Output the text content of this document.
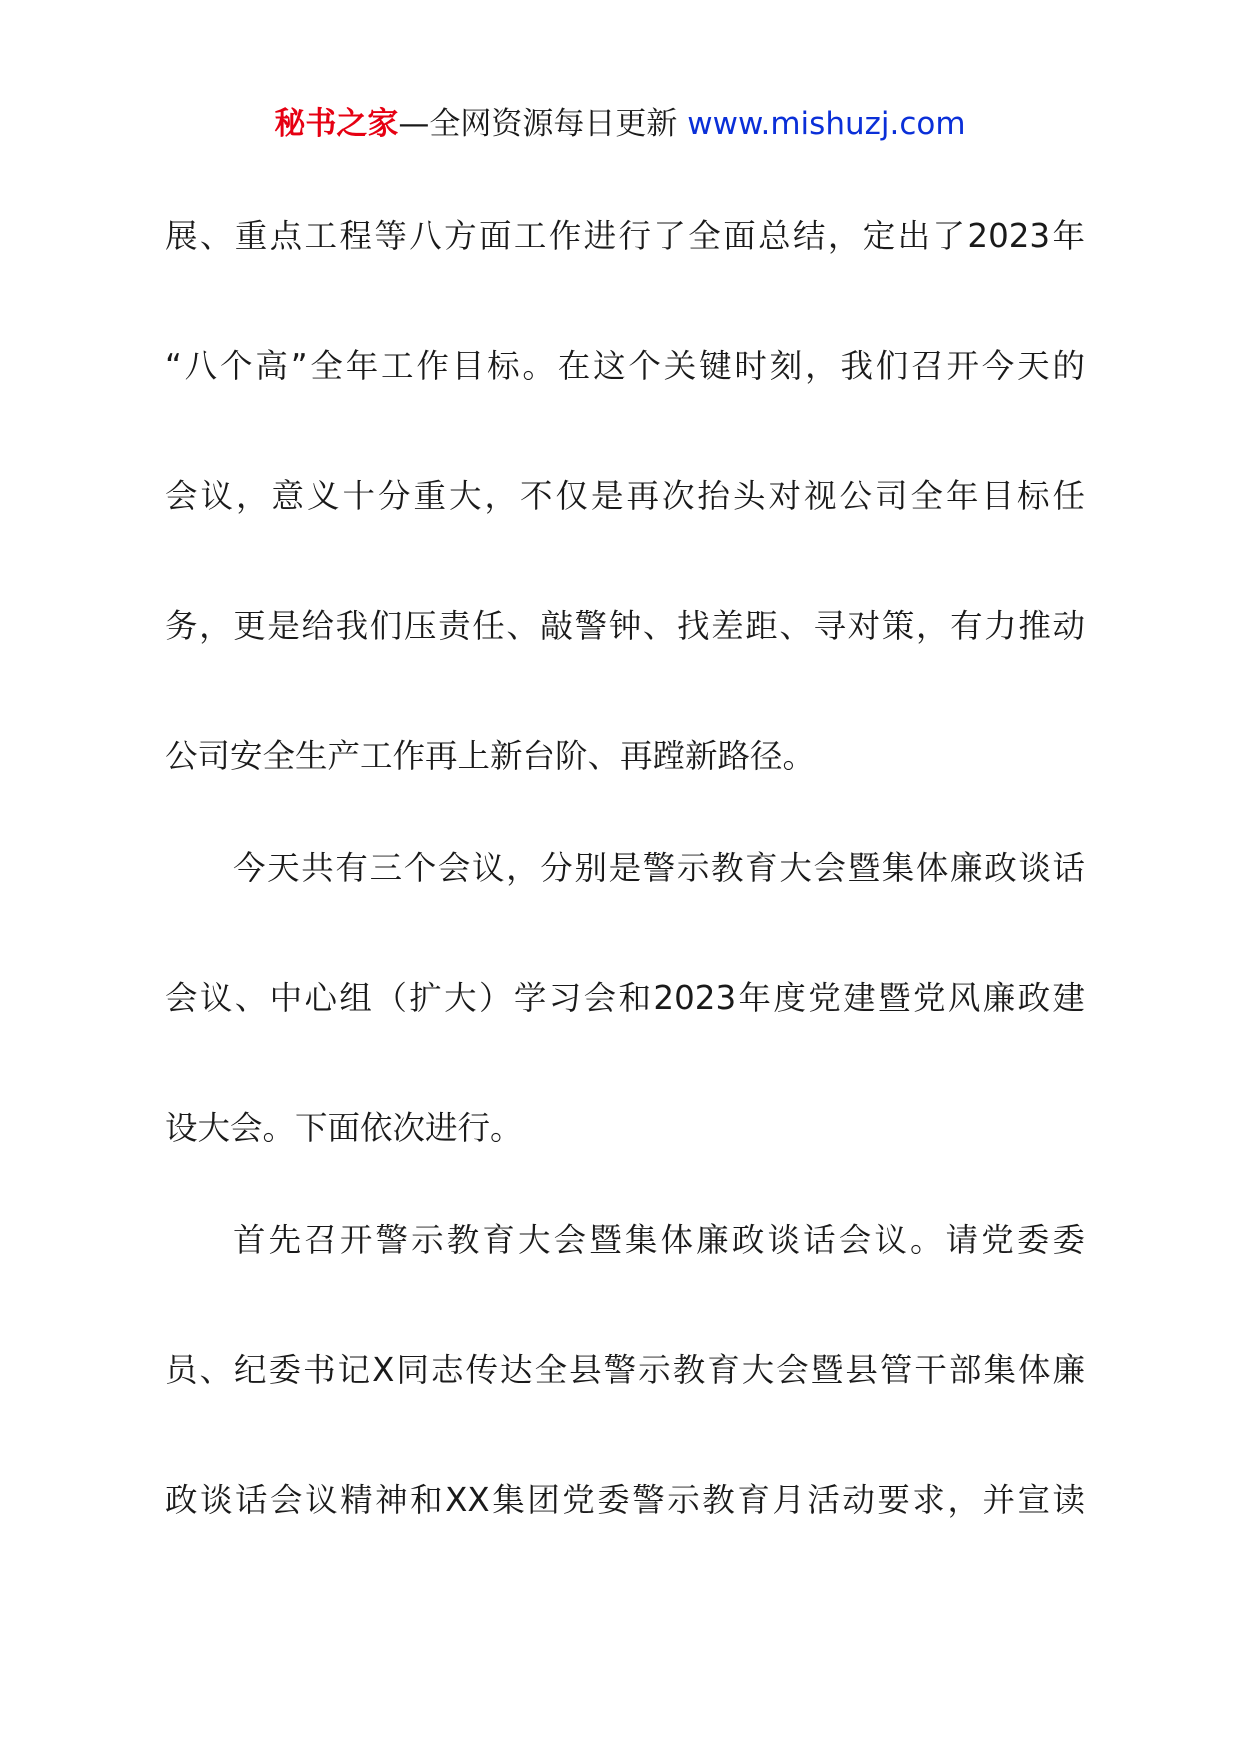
秘书之家—全网资源每日更新 www.mishuzj.com
展、重点工程等八方面工作进行了全面总结，定出了2023年
“八个高”全年工作目标。在这个关键时刻，我们召开今天的
会议，意义十分重大，不仅是再次抬头对视公司全年目标任
务，更是给我们压责任、敲警钟、找差距、寻对策，有力推动
公司安全生产工作再上新台阶、再蹚新路径。
今天共有三个会议，分别是警示教育大会暨集体廉政谈话
会议、中心组（扩大）学习会和2023年度党建暨党风廉政建
设大会。下面依次进行。
首先召开警示教育大会暨集体廉政谈话会议。请党委委
员、纪委书记X同志传达全县警示教育大会暨县管干部集体廉
政谈话会议精神和XX集团党委警示教育月活动要求，并宣读
